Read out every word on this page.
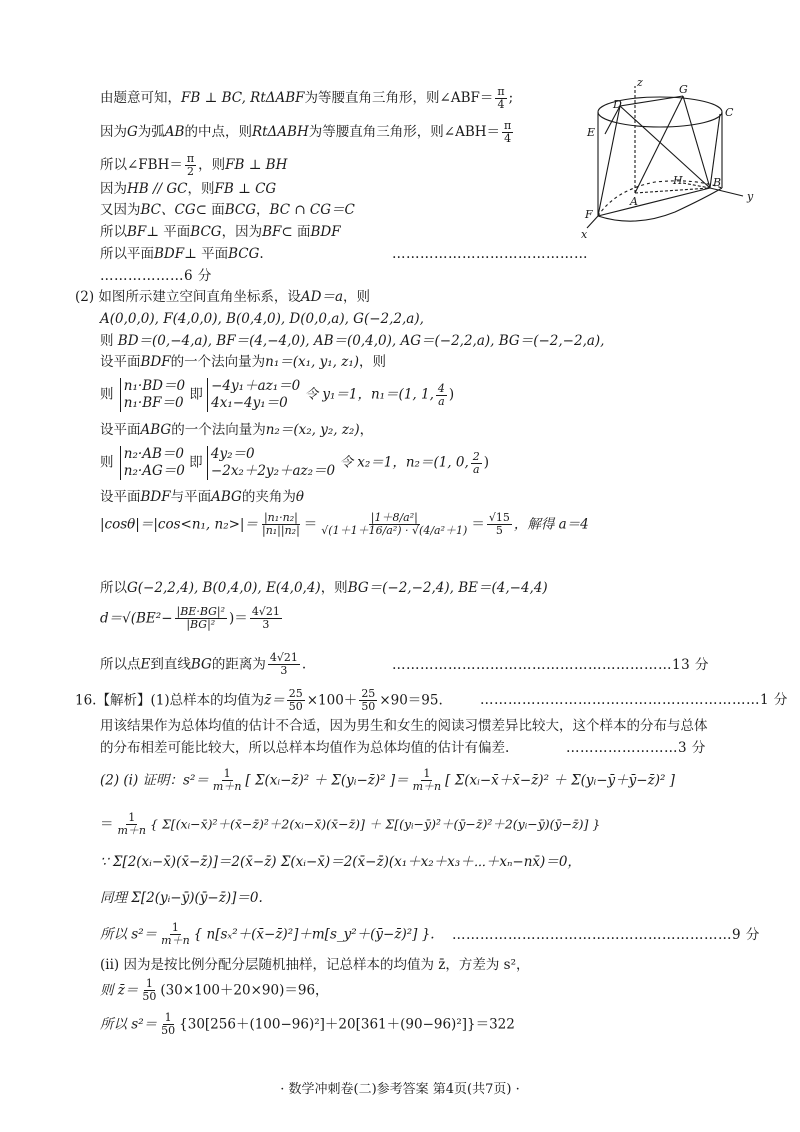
由题意可知，FB ⊥ BC, RtΔABF为等腰直角三角形，则∠ABF＝ $\frac{\pi}{4}$ ;
因为G为弧AB的中点，则RtΔABH为等腰直角三角形，则∠ABH＝ $\frac{\pi}{4}$
所以∠FBH＝ $\frac{\pi}{2}$ ，则FB ⊥ BH
因为HB // GC，则FB ⊥ CG
又因为BC、CG⊂ 面BCG，BC ∩ CG＝C
所以BF⊥ 平面BCG，因为BF⊂ 面BDF
所以平面BDF⊥ 平面BCG.	……………………………………
………………6 分
z
D
G
C
E
H	B
y
A
F
x
(2) 如图所示建立空间直角坐标系，设AD＝a，则
A(0,0,0), F(4,0,0), B(0,4,0), D(0,0,a), G(−2,2,a),
则 BD＝(0,−4,a), BF＝(4,−4,0), AB＝(0,4,0), AG＝(−2,2,a), BG＝(−2,−2,a),
设平面BDF的一个法向量为n₁＝(x₁, y₁, z₁)，则
则
n₁·BD＝0
n₁·BF＝0
即
−4y₁＋az₁＝0
4x₁−4y₁＝0
令 y₁＝1，n₁＝(1, 1, $\frac{4}{a}$ )
设平面ABG的一个法向量为n₂＝(x₂, y₂, z₂)，
则
n₂·AB＝0
n₂·AG＝0
即
4y₂＝0
−2x₂＋2y₂＋az₂＝0
令 x₂＝1，n₂＝(1, 0, $\frac{2}{a}$ )
设平面BDF与平面ABG的夹角为θ
|cosθ|＝|cos<n₁, $n_2>|= \frac{\text{|n₁·n₂|}}{\text{|n₁||n₂|}} = \frac{\text{|1＋8/a²|}}{\text{√(1＋1＋16/a²) · √(4/a²＋1)}} = \frac{√15}{5}$ ，解得 a＝4
所以G(−2,2,4), B(0,4,0), E(4,0,4)，则BG＝(−2,−2,4), BE＝(4,−4,4)
$d=√(BE^2- \frac{\text{|BE·BG|²}}{\text{|BG|²}}$ )＝ $\frac{4√21}{3}$
所以点E到直线BG的距离为 $\frac{4√21}{3}$ .	……………………………………………………13 分
16.【解析】(1)总样本的均值为z̄＝ $\frac{25}{50} \times 100+ \frac{25}{50} \times 90=95$.	……………………………………………………1 分
用该结果作为总体均值的估计不合适，因为男生和女生的阅读习惯差异比较大，这个样本的分布与总体
的分布相差可能比较大，所以总样本均值作为总体均值的估计有偏差.	……………………3 分
(2) (i) 证明：$s^2= \frac{1}{m+n}$ [ Σ(xᵢ−z̄)² ＋ Σ(yᵢ−z̄)² ]＝ $\frac{1}{m+n}$ [ Σ(xᵢ−x̄＋x̄−z̄)² ＋ Σ(yᵢ−ȳ＋ȳ−z̄)² ]
＝ $\frac{1}{m+n}$ { Σ[(xᵢ−x̄)²＋(x̄−z̄)²＋2(xᵢ−x̄)(x̄−z̄)] ＋ Σ[(yᵢ−ȳ)²＋(ȳ−z̄)²＋2(yᵢ−ȳ)(ȳ−z̄)] }
∵ Σ[2(xᵢ−x̄)(x̄−z̄)]＝2(x̄−z̄) Σ(xᵢ−x̄)＝2(x̄−z̄)(x₁＋x₂＋x₃＋⋯＋xₙ−nx̄)＝0，
同理 Σ[2(yᵢ−ȳ)(ȳ−z̄)]＝0.
所以 $s^2= \frac{1}{m+n}$ { n[sₓ²＋(x̄−z̄)²]＋m[s_y²＋(ȳ−z̄)²] }. ……………………………………………………9 分
(ii) 因为是按比例分配分层随机抽样，记总样本的均值为 z̄，方差为 s²，
则 z̄＝ $\frac{1}{50} (30\times 100+20\times 90)=96$，
所以 $s^2= \frac{1}{50} \{30[256+(100-96)^2]+20[361+(90-96)^2]\}=322$
· 数学冲刺卷(二)参考答案 第4页(共7页) ·
